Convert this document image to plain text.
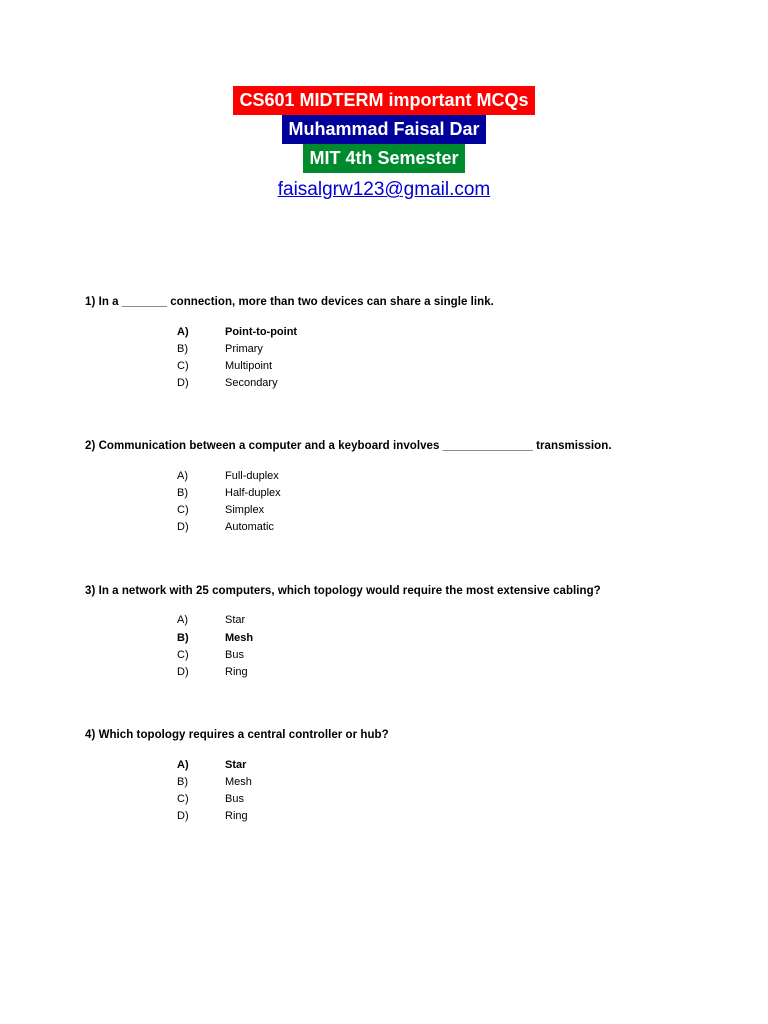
CS601 MIDTERM important MCQs
Muhammad Faisal Dar
MIT 4th Semester
faisalgrw123@gmail.com
1) In a _______ connection, more than two devices can share a single link.
A)	Point-to-point
B)	Primary
C)	Multipoint
D)	Secondary
2) Communication between a computer and a keyboard involves ______________ transmission.
A)	Full-duplex
B)	Half-duplex
C)	Simplex
D)	Automatic
3) In a network with 25 computers, which topology would require the most extensive cabling?
A)	Star
B)	Mesh
C)	Bus
D)	Ring
4) Which topology requires a central controller or hub?
A)	Star
B)	Mesh
C)	Bus
D)	Ring
